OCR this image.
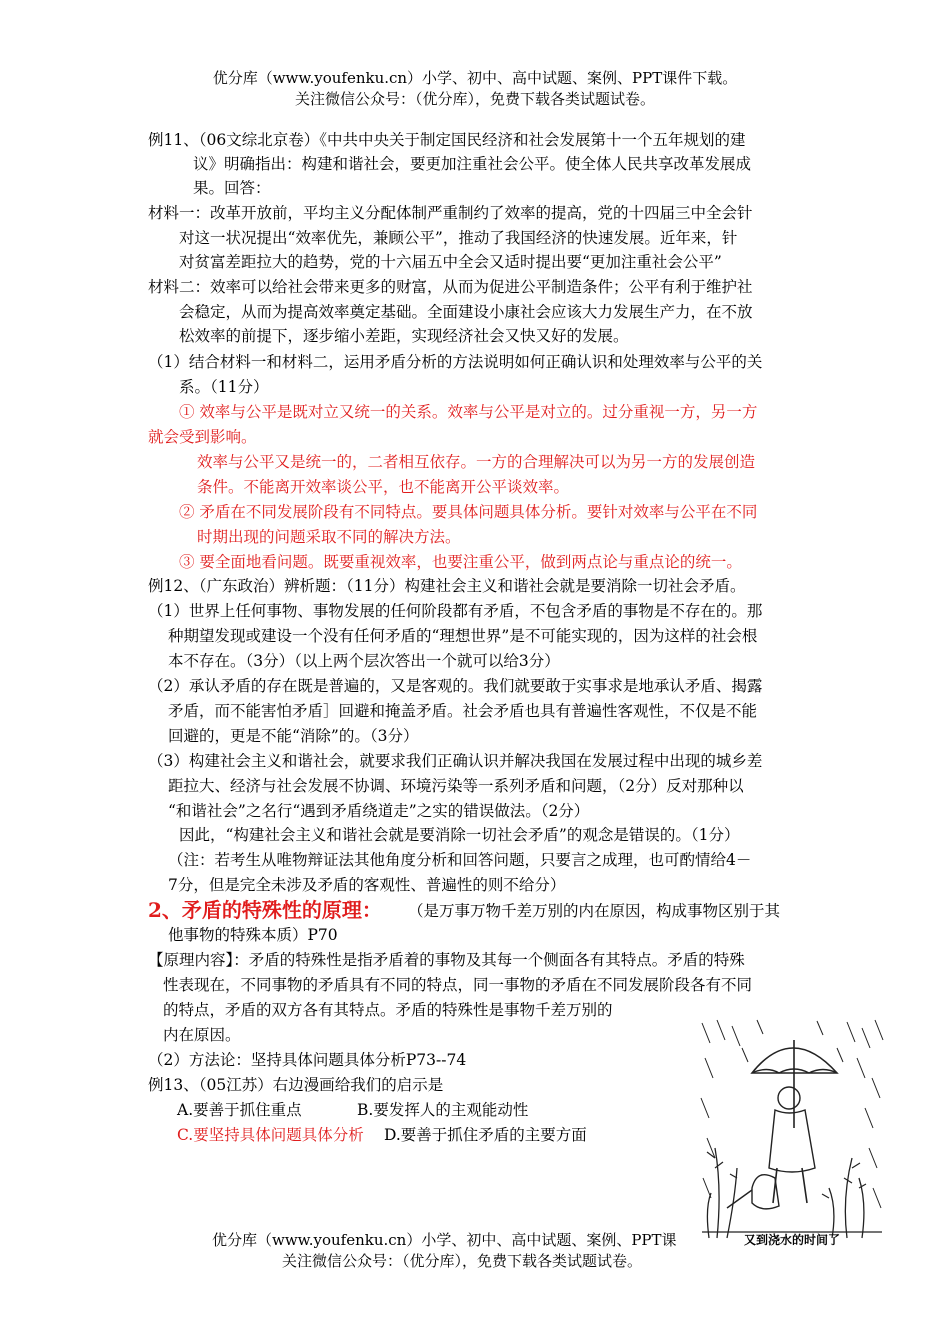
优分库（www.youfenku.cn）小学、初中、高中试题、案例、PPT课件下载。
关注微信公众号：（优分库），免费下载各类试题试卷。
例11、（06文综北京卷）《中共中央关于制定国民经济和社会发展第十一个五年规划的建
议》明确指出：构建和谐社会，要更加注重社会公平。使全体人民共享改革发展成
果。回答：
材料一：改革开放前，平均主义分配体制严重制约了效率的提高，党的十四届三中全会针
对这一状况提出“效率优先，兼顾公平”，推动了我国经济的快速发展。近年来，针
对贫富差距拉大的趋势，党的十六届五中全会又适时提出要“更加注重社会公平”
材料二：效率可以给社会带来更多的财富，从而为促进公平制造条件；公平有利于维护社
会稳定，从而为提高效率奠定基础。全面建设小康社会应该大力发展生产力，在不放
松效率的前提下，逐步缩小差距，实现经济社会又快又好的发展。
（1）结合材料一和材料二，运用矛盾分析的方法说明如何正确认识和处理效率与公平的关
系。（11分）
① 效率与公平是既对立又统一的关系。效率与公平是对立的。过分重视一方，另一方
就会受到影响。
效率与公平又是统一的，二者相互依存。一方的合理解决可以为另一方的发展创造
条件。不能离开效率谈公平，也不能离开公平谈效率。
② 矛盾在不同发展阶段有不同特点。要具体问题具体分析。要针对效率与公平在不同
时期出现的问题采取不同的解决方法。
③ 要全面地看问题。既要重视效率，也要注重公平，做到两点论与重点论的统一。
例12、（广东政治）辨析题：（11分）构建社会主义和谐社会就是要消除一切社会矛盾。
（1）世界上任何事物、事物发展的任何阶段都有矛盾，不包含矛盾的事物是不存在的。那
种期望发现或建设一个没有任何矛盾的“理想世界”是不可能实现的，因为这样的社会根
本不存在。（3分）（以上两个层次答出一个就可以给3分）
（2）承认矛盾的存在既是普遍的，又是客观的。我们就要敢于实事求是地承认矛盾、揭露
矛盾，而不能害怕矛盾］回避和掩盖矛盾。社会矛盾也具有普遍性客观性，不仅是不能
回避的，更是不能“消除”的。（3分）
（3）构建社会主义和谐社会，就要求我们正确认识并解决我国在发展过程中出现的城乡差
距拉大、经济与社会发展不协调、环境污染等一系列矛盾和问题，（2分）反对那种以
“和谐社会”之名行“遇到矛盾绕道走”之实的错误做法。（2分）
因此，“构建社会主义和谐社会就是要消除一切社会矛盾”的观念是错误的。（1分）
（注：若考生从唯物辩证法其他角度分析和回答问题，只要言之成理，也可酌情给4－
7分，但是完全未涉及矛盾的客观性、普遍性的则不给分）
2、矛盾的特殊性的原理： （是万事万物千差万别的内在原因，构成事物区别于其
他事物的特殊本质）P70
【原理内容】：矛盾的特殊性是指矛盾着的事物及其每一个侧面各有其特点。矛盾的特殊
性表现在，不同事物的矛盾具有不同的特点，同一事物的矛盾在不同发展阶段各有不同
的特点，矛盾的双方各有其特点。矛盾的特殊性是事物千差万别的
内在原因。
（2）方法论：坚持具体问题具体分析P73--74
例13、（05江苏）右边漫画给我们的启示是
A.要善于抓住重点	B.要发挥人的主观能动性
C.要坚持具体问题具体分析 D.要善于抓住矛盾的主要方面
又到浇水的时间了
优分库（www.youfenku.cn）小学、初中、高中试题、案例、PPT课
关注微信公众号：（优分库），免费下载各类试题试卷。
